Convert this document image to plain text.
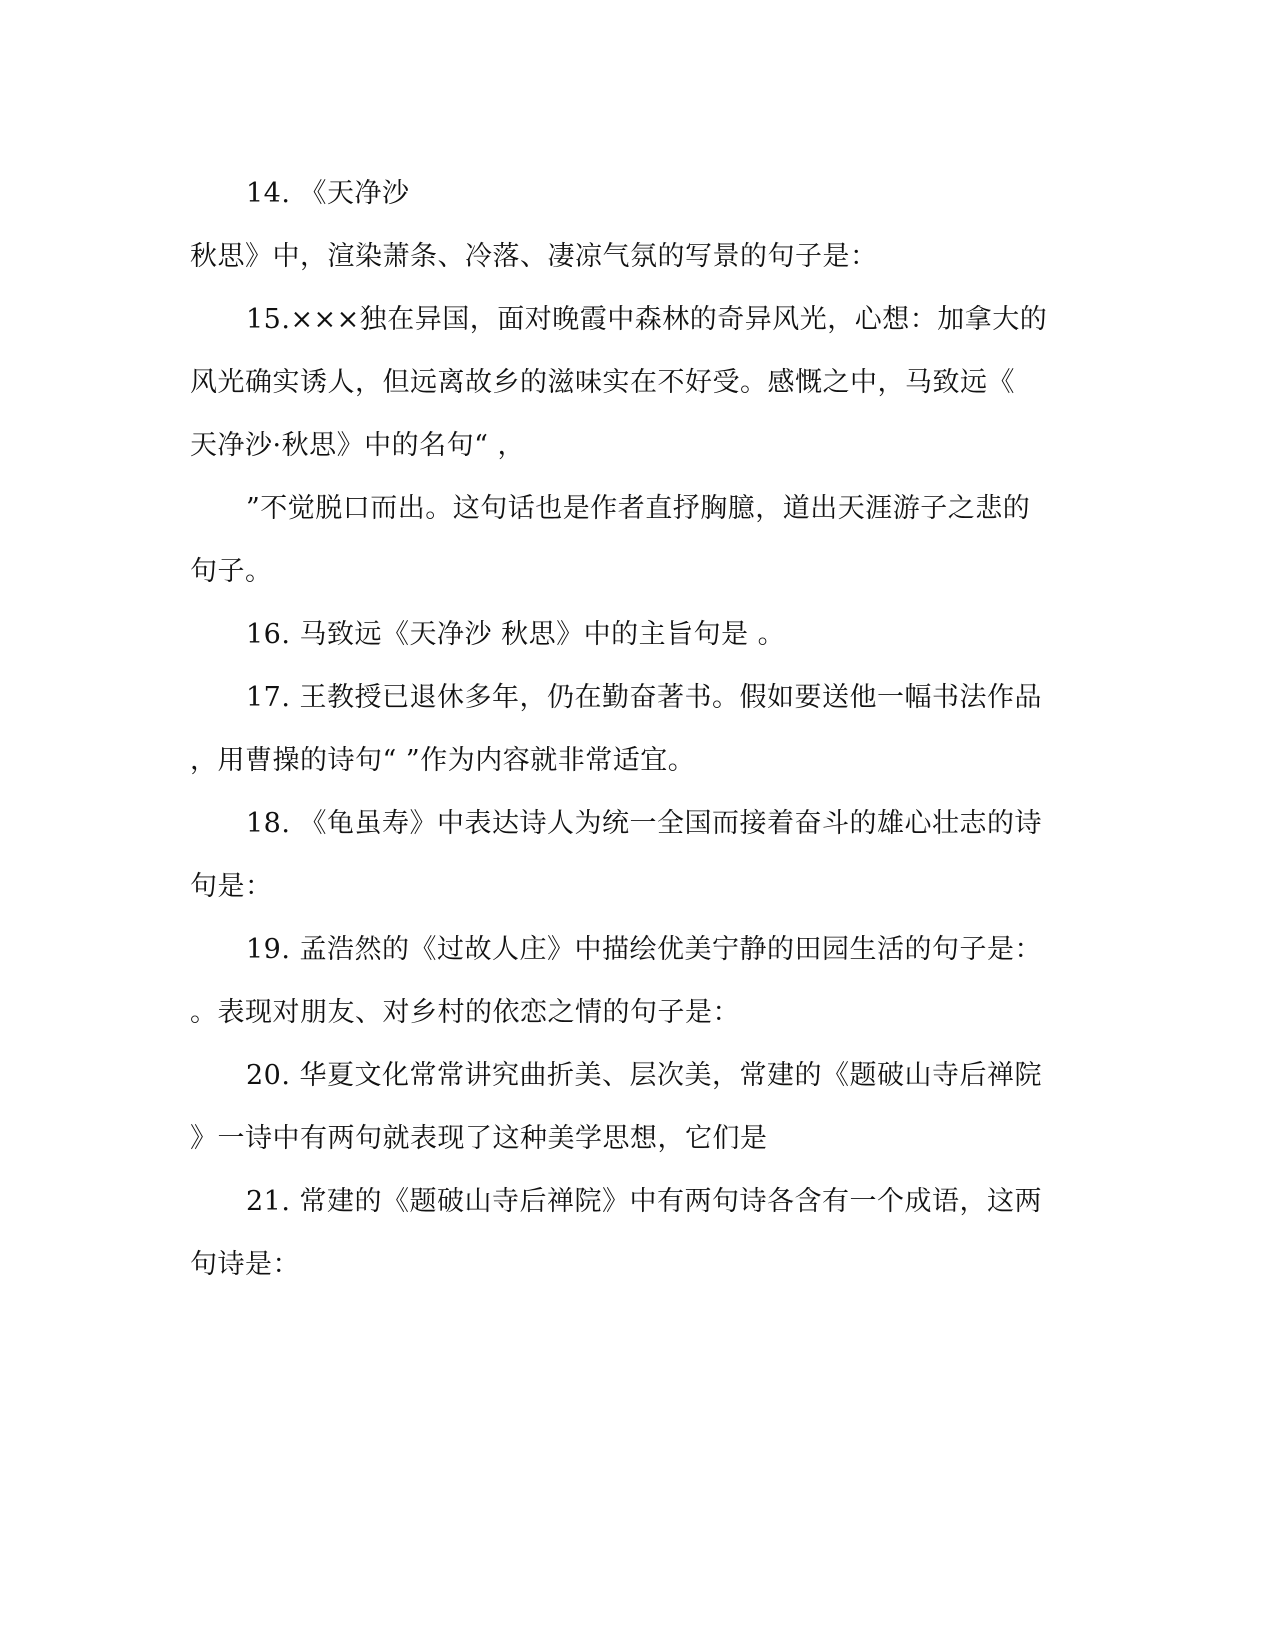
14. 《天净沙
秋思》中，渲染萧条、冷落、凄凉气氛的写景的句子是：
15.×××独在异国，面对晚霞中森林的奇异风光，心想：加拿大的
风光确实诱人，但远离故乡的滋味实在不好受。感慨之中，马致远《
天净沙·秋思》中的名句“ ，
”不觉脱口而出。这句话也是作者直抒胸臆，道出天涯游子之悲的
句子。
16. 马致远《天净沙 秋思》中的主旨句是 。
17. 王教授已退休多年，仍在勤奋著书。假如要送他一幅书法作品
，用曹操的诗句“ ”作为内容就非常适宜。
18. 《龟虽寿》中表达诗人为统一全国而接着奋斗的雄心壮志的诗
句是：
19. 孟浩然的《过故人庄》中描绘优美宁静的田园生活的句子是：
。表现对朋友、对乡村的依恋之情的句子是：
20. 华夏文化常常讲究曲折美、层次美，常建的《题破山寺后禅院
》一诗中有两句就表现了这种美学思想，它们是
21. 常建的《题破山寺后禅院》中有两句诗各含有一个成语，这两
句诗是：
